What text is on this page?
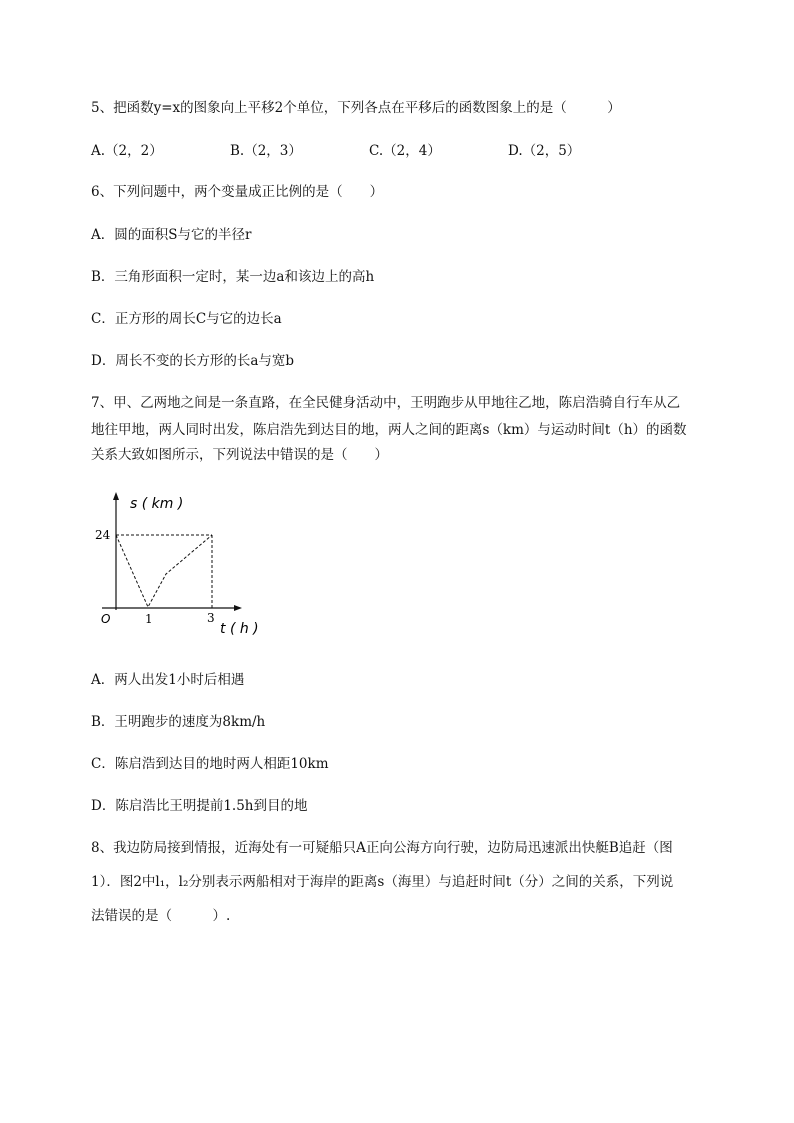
5、把函数y=x的图象向上平移2个单位，下列各点在平移后的函数图象上的是（　　　）
A.（2，2）	B.（2，3）	C.（2，4）	D.（2，5）
6、下列问题中，两个变量成正比例的是（　　）
A．圆的面积S与它的半径r
B．三角形面积一定时，某一边a和该边上的高h
C．正方形的周长C与它的边长a
D．周长不变的长方形的长a与宽b
7、甲、乙两地之间是一条直路，在全民健身活动中，王明跑步从甲地往乙地，陈启浩骑自行车从乙
地往甲地，两人同时出发，陈启浩先到达目的地，两人之间的距离s（km）与运动时间t（h）的函数
关系大致如图所示，下列说法中错误的是（　　）
s ( km )
t ( h )
O
24
1	3
A．两人出发1小时后相遇
B．王明跑步的速度为8km/h
C．陈启浩到达目的地时两人相距10km
D．陈启浩比王明提前1.5h到目的地
8、我边防局接到情报，近海处有一可疑船只A正向公海方向行驶，边防局迅速派出快艇B追赶（图
1）．图2中l₁，l₂分别表示两船相对于海岸的距离s（海里）与追赶时间t（分）之间的关系，下列说
法错误的是（　　　）.
